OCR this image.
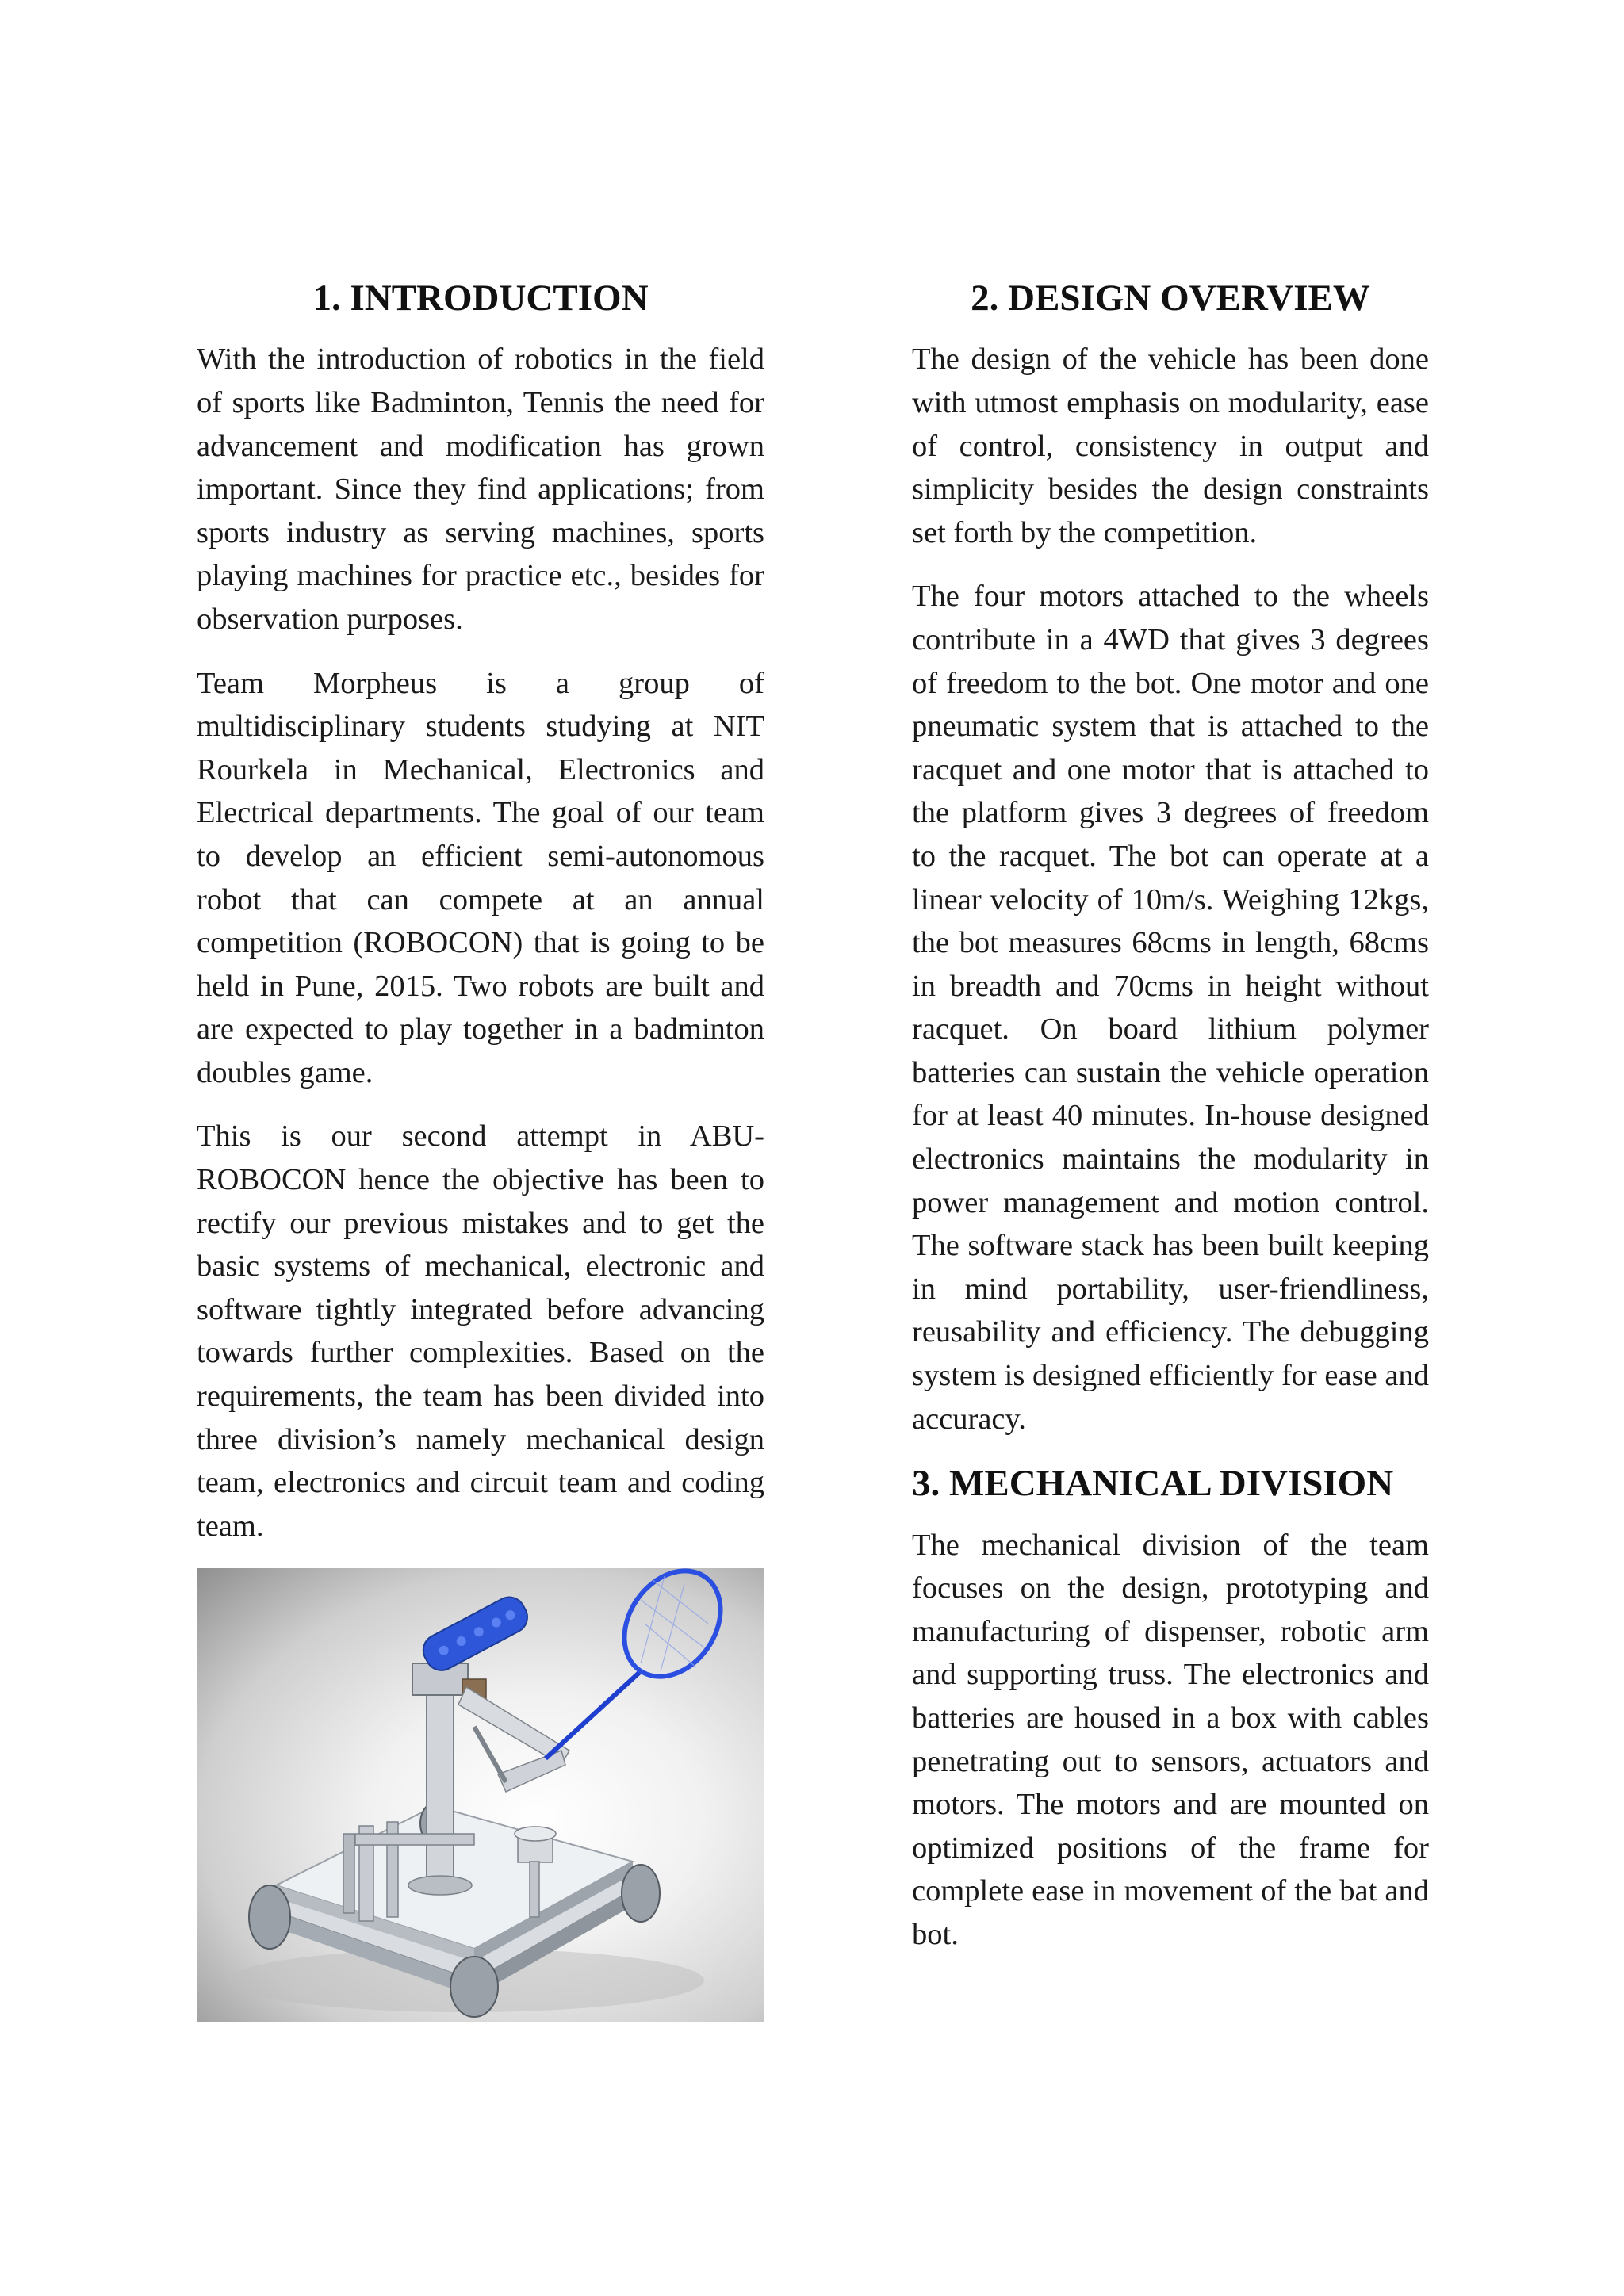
1. INTRODUCTION

With the introduction of robotics in the field of sports like Badminton, Tennis the need for advancement and modification has grown important. Since they find applications; from sports industry as serving machines, sports playing machines for practice etc., besides for observation purposes.

Team Morpheus is a group of multidisciplinary students studying at NIT Rourkela in Mechanical, Electronics and Electrical departments. The goal of our team to develop an efficient semi-autonomous robot that can compete at an annual competition (ROBOCON) that is going to be held in Pune, 2015. Two robots are built and are expected to play together in a badminton doubles game.

This is our second attempt in ABU-ROBOCON hence the objective has been to rectify our previous mistakes and to get the basic systems of mechanical, electronic and software tightly integrated before advancing towards further complexities. Based on the requirements, the team has been divided into three division’s namely mechanical design team, electronics and circuit team and coding team.

2. DESIGN OVERVIEW

The design of the vehicle has been done with utmost emphasis on modularity, ease of control, consistency in output and simplicity besides the design constraints set forth by the competition.

The four motors attached to the wheels contribute in a 4WD that gives 3 degrees of freedom to the bot. One motor and one pneumatic system that is attached to the racquet and one motor that is attached to the platform gives 3 degrees of freedom to the racquet. The bot can operate at a linear velocity of 10m/s. Weighing 12kgs, the bot measures 68cms in length, 68cms in breadth and 70cms in height without racquet. On board lithium polymer batteries can sustain the vehicle operation for at least 40 minutes. In-house designed electronics maintains the modularity in power management and motion control. The software stack has been built keeping in mind portability, user-friendliness, reusability and efficiency. The debugging system is designed efficiently for ease and accuracy.

3. MECHANICAL DIVISION

The mechanical division of the team focuses on the design, prototyping and manufacturing of dispenser, robotic arm and supporting truss. The electronics and batteries are housed in a box with cables penetrating out to sensors, actuators and motors. The motors and are mounted on optimized positions of the frame for complete ease in movement of the bat and bot.
